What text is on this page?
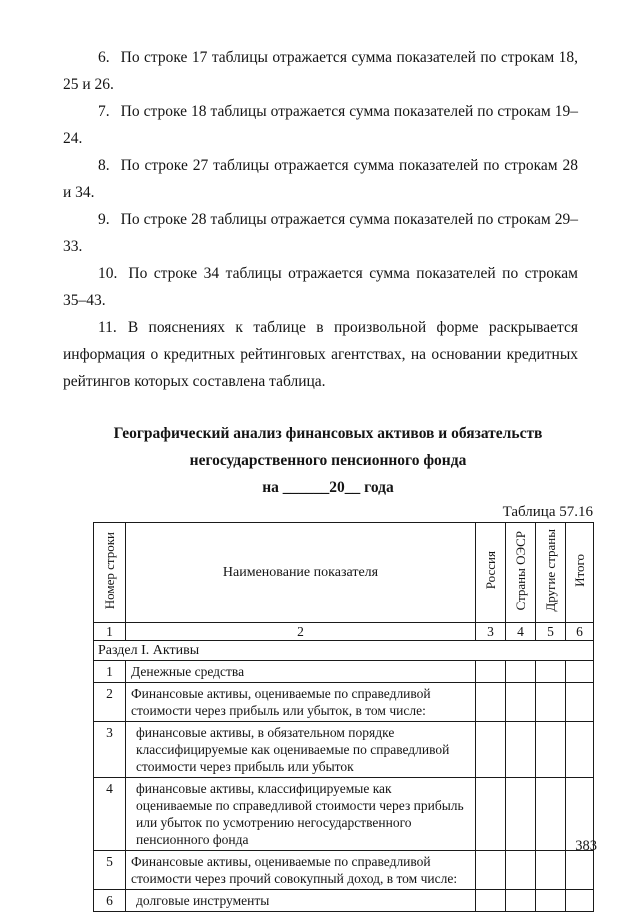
6. По строке 17 таблицы отражается сумма показателей по строкам 18, 25 и 26.

7. По строке 18 таблицы отражается сумма показателей по строкам 19–24.

8. По строке 27 таблицы отражается сумма показателей по строкам 28 и 34.

9. По строке 28 таблицы отражается сумма показателей по строкам 29–33.

10. По строке 34 таблицы отражается сумма показателей по строкам 35–43.

11. В пояснениях к таблице в произвольной форме раскрывается информация о кредитных рейтинговых агентствах, на основании кредитных рейтингов которых составлена таблица.

Географический анализ финансовых активов и обязательств
негосударственного пенсионного фонда
на ______20__ года
Таблица 57.16
Номер строки	Наименование показателя	Россия	Страны ОЭСР	Другие страны	Итого
1	2	3	4	5	6
Раздел I. Активы					
1	Денежные средства				
2	Финансовые активы, оцениваемые по справедливой стоимости через прибыль или убыток, в том числе:				
3	финансовые активы, в обязательном порядке классифицируемые как оцениваемые по справедливой стоимости через прибыль или убыток				
4	финансовые активы, классифицируемые как оцениваемые по справедливой стоимости через прибыль или убыток по усмотрению негосударственного пенсионного фонда				
5	Финансовые активы, оцениваемые по справедливой стоимости через прочий совокупный доход, в том числе:				
6	долговые инструменты				
383
